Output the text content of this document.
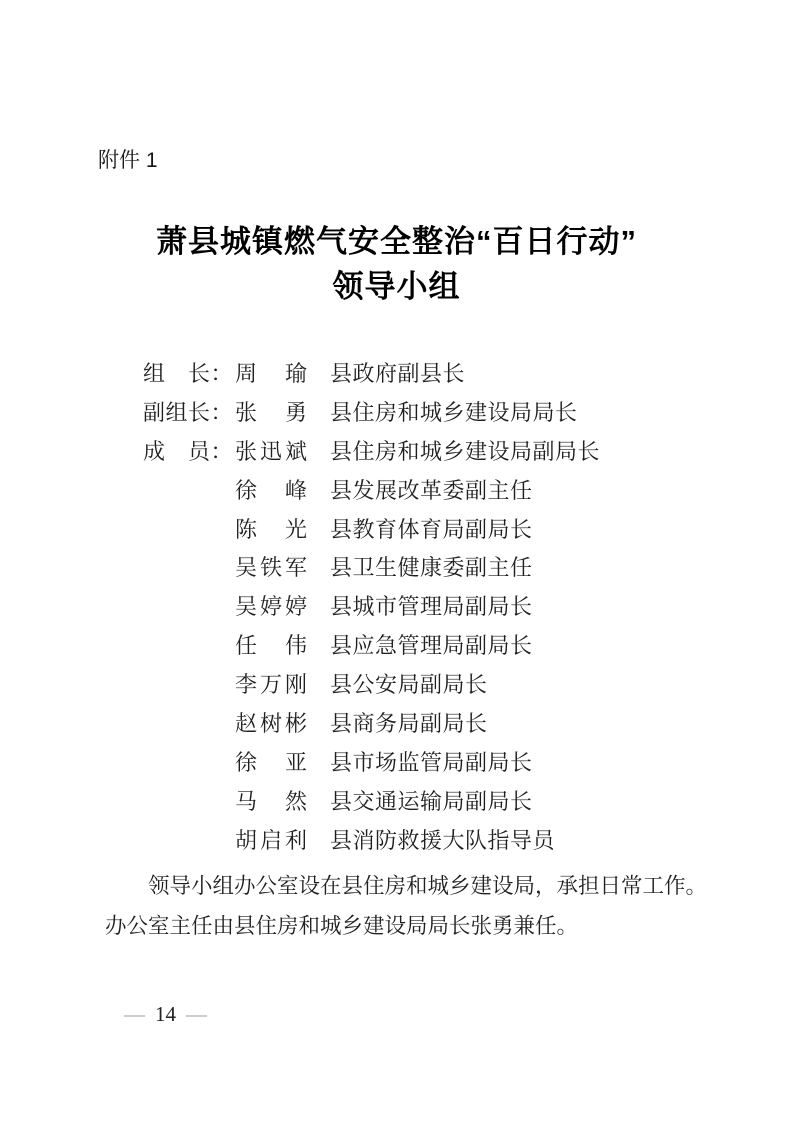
附件 1
萧县城镇燃气安全整治“百日行动”
领导小组
组　长： 周　瑜 县政府副县长
副组长： 张　勇 县住房和城乡建设局局长
成　员： 张迅斌 县住房和城乡建设局副局长
徐　峰 县发展改革委副主任
陈　光 县教育体育局副局长
吴铁军 县卫生健康委副主任
吴婷婷 县城市管理局副局长
任　伟 县应急管理局副局长
李万刚 县公安局副局长
赵树彬 县商务局副局长
徐　亚 县市场监管局副局长
马　然 县交通运输局副局长
胡启利 县消防救援大队指导员
领导小组办公室设在县住房和城乡建设局，承担日常工作。
办公室主任由县住房和城乡建设局局长张勇兼任。
— 14 —
